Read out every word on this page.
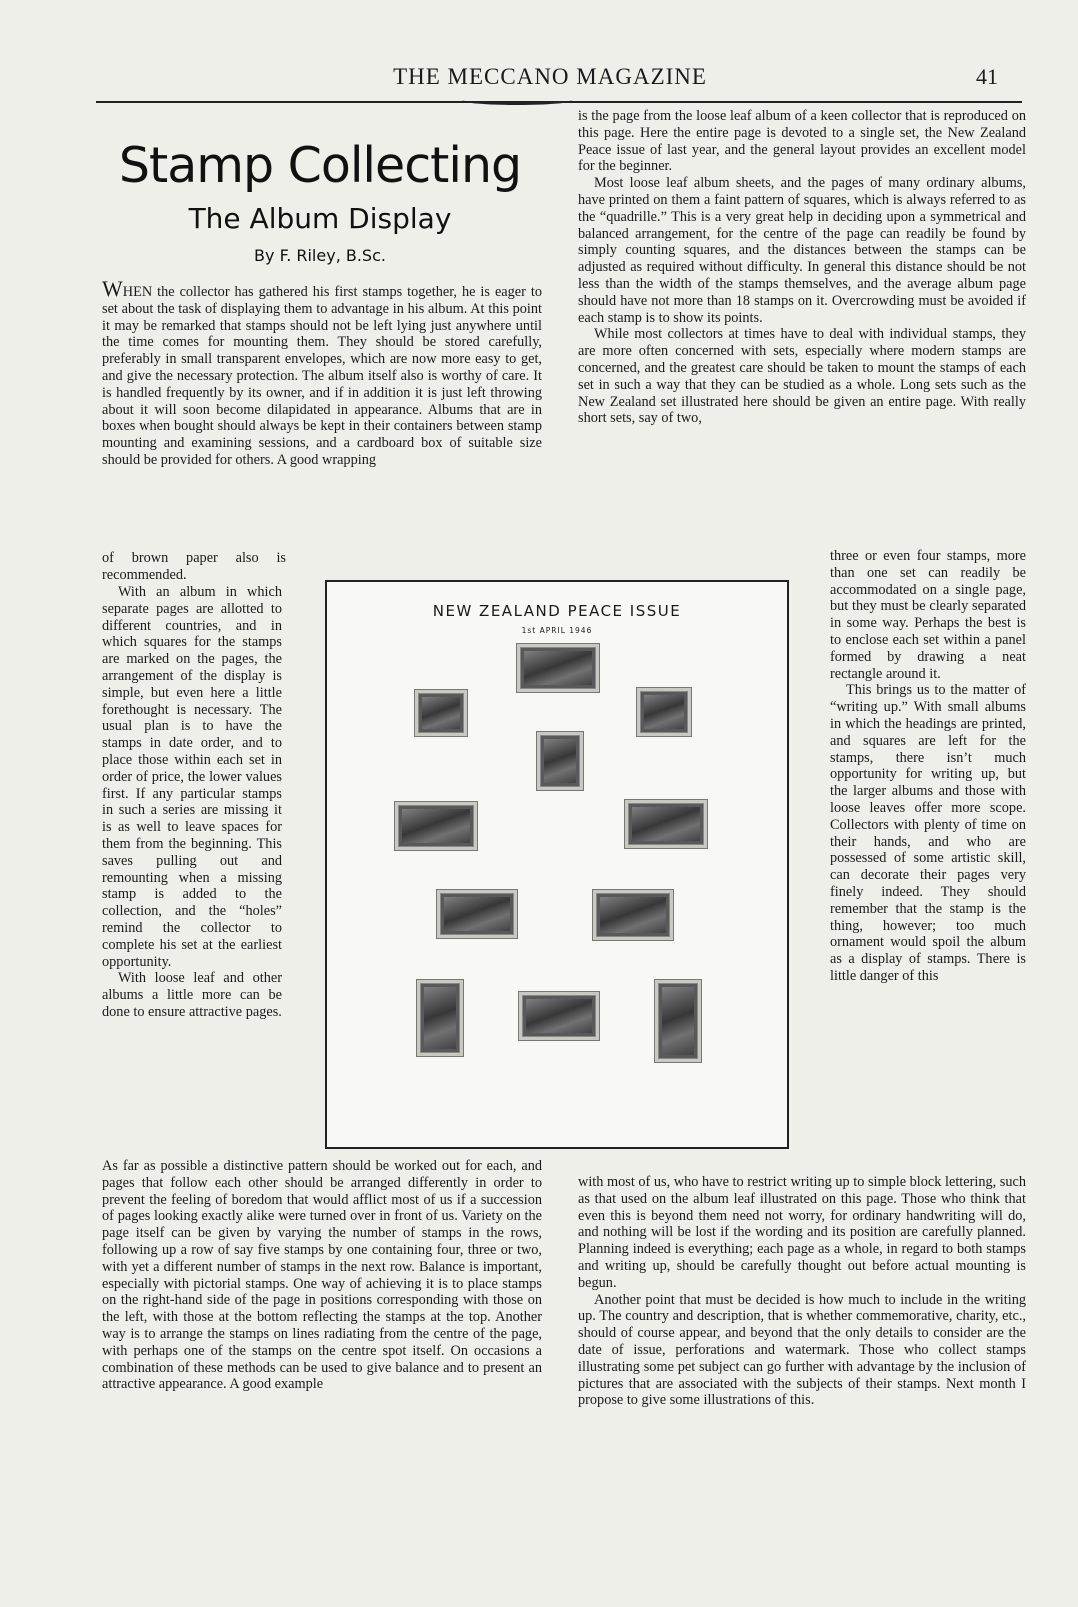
THE MECCANO MAGAZINE	41
Stamp Collecting
The Album Display
By F. Riley, B.Sc.

WHEN the collector has gathered his first stamps together, he is eager to set about the task of displaying them to advantage in his album. At this point it may be remarked that stamps should not be left lying just anywhere until the time comes for mounting them. They should be stored carefully, preferably in small transparent envelopes, which are now more easy to get, and give the necessary protection. The album itself also is worthy of care. It is handled frequently by its owner, and if in addition it is just left throwing about it will soon become dilapidated in appearance. Albums that are in boxes when bought should always be kept in their containers between stamp mounting and examining sessions, and a cardboard box of suitable size should be provided for others. A good wrapping

of brown paper also is recommended.

With an album in which separate pages are allotted to different countries, and in which squares for the stamps are marked on the pages, the arrangement of the display is simple, but even here a little forethought is necessary. The usual plan is to have the stamps in date order, and to place those within each set in order of price, the lower values first. If any particular stamps in such a series are missing it is as well to leave spaces for them from the beginning. This saves pulling out and remounting when a missing stamp is added to the collection, and the “holes” remind the collector to complete his set at the earliest opportunity.

With loose leaf and other albums a little more can be done to ensure attractive pages.

As far as possible a distinctive pattern should be worked out for each, and pages that follow each other should be arranged differently in order to prevent the feeling of boredom that would afflict most of us if a succession of pages looking exactly alike were turned over in front of us. Variety on the page itself can be given by varying the number of stamps in the rows, following up a row of say five stamps by one containing four, three or two, with yet a different number of stamps in the next row. Balance is important, especially with pictorial stamps. One way of achieving it is to place stamps on the right-hand side of the page in positions corresponding with those on the left, with those at the bottom reflecting the stamps at the top. Another way is to arrange the stamps on lines radiating from the centre of the page, with perhaps one of the stamps on the centre spot itself. On occasions a combination of these methods can be used to give balance and to present an attractive appearance. A good example

is the page from the loose leaf album of a keen collector that is reproduced on this page. Here the entire page is devoted to a single set, the New Zealand Peace issue of last year, and the general layout provides an excellent model for the beginner.

Most loose leaf album sheets, and the pages of many ordinary albums, have printed on them a faint pattern of squares, which is always referred to as the “quadrille.” This is a very great help in deciding upon a symmetrical and balanced arrangement, for the centre of the page can readily be found by simply counting squares, and the distances between the stamps can be adjusted as required without difficulty. In general this distance should be not less than the width of the stamps themselves, and the average album page should have not more than 18 stamps on it. Overcrowding must be avoided if each stamp is to show its points.

While most collectors at times have to deal with individual stamps, they are more often concerned with sets, especially where modern stamps are concerned, and the greatest care should be taken to mount the stamps of each set in such a way that they can be studied as a whole. Long sets such as the New Zealand set illustrated here should be given an entire page. With really short sets, say of two,

three or even four stamps, more than one set can readily be accommodated on a single page, but they must be clearly separated in some way. Perhaps the best is to enclose each set within a panel formed by drawing a neat rectangle around it.

This brings us to the matter of “writing up.” With small albums in which the headings are printed, and squares are left for the stamps, there isn’t much opportunity for writing up, but the larger albums and those with loose leaves offer more scope. Collectors with plenty of time on their hands, and who are possessed of some artistic skill, can decorate their pages very finely indeed. They should remember that the stamp is the thing, however; too much ornament would spoil the album as a display of stamps. There is little danger of this

with most of us, who have to restrict writing up to simple block lettering, such as that used on the album leaf illustrated on this page. Those who think that even this is beyond them need not worry, for ordinary handwriting will do, and nothing will be lost if the wording and its position are carefully planned. Planning indeed is everything; each page as a whole, in regard to both stamps and writing up, should be carefully thought out before actual mounting is begun.

Another point that must be decided is how much to include in the writing up. The country and description, that is whether commemorative, charity, etc., should of course appear, and beyond that the only details to consider are the date of issue, perforations and watermark. Those who collect stamps illustrating some pet subject can go further with advantage by the inclusion of pictures that are associated with the subjects of their stamps. Next month I propose to give some illustrations of this.

NEW ZEALAND PEACE ISSUE
1st APRIL 1946
